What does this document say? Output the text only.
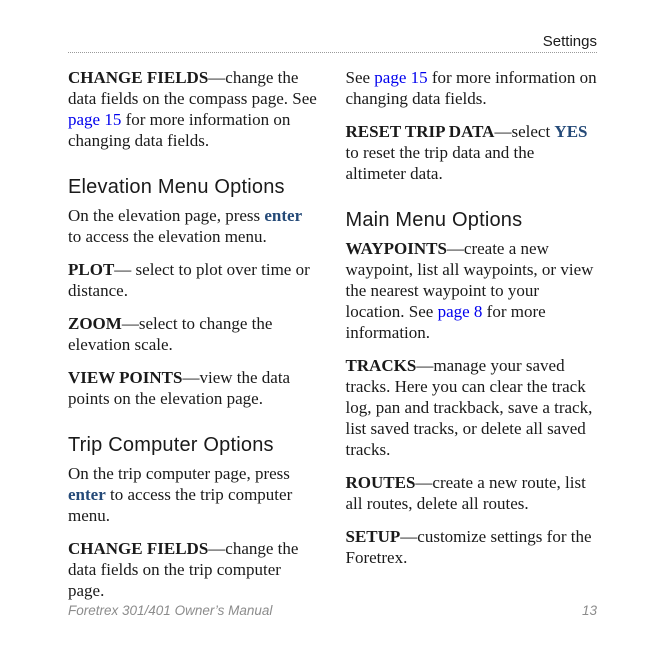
Settings

CHANGE FIELDS—change the data fields on the compass page. See page 15 for more information on changing data fields.

Elevation Menu Options

On the elevation page, press enter to access the elevation menu.

PLOT— select to plot over time or distance.

ZOOM—select to change the elevation scale.

VIEW POINTS—view the data points on the elevation page.

Trip Computer Options

On the trip computer page, press enter to access the trip computer menu.

CHANGE FIELDS—change the data fields on the trip computer page.

See page 15 for more information on changing data fields.

RESET TRIP DATA—select YES to reset the trip data and the altimeter data.

Main Menu Options

WAYPOINTS—create a new waypoint, list all waypoints, or view the nearest waypoint to your location. See page 8 for more information.

TRACKS—manage your saved tracks. Here you can clear the track log, pan and trackback, save a track, list saved tracks, or delete all saved tracks.

ROUTES—create a new route, list all routes, delete all routes.

SETUP—customize settings for the Foretrex.

Foretrex 301/401 Owner’s Manual	13
